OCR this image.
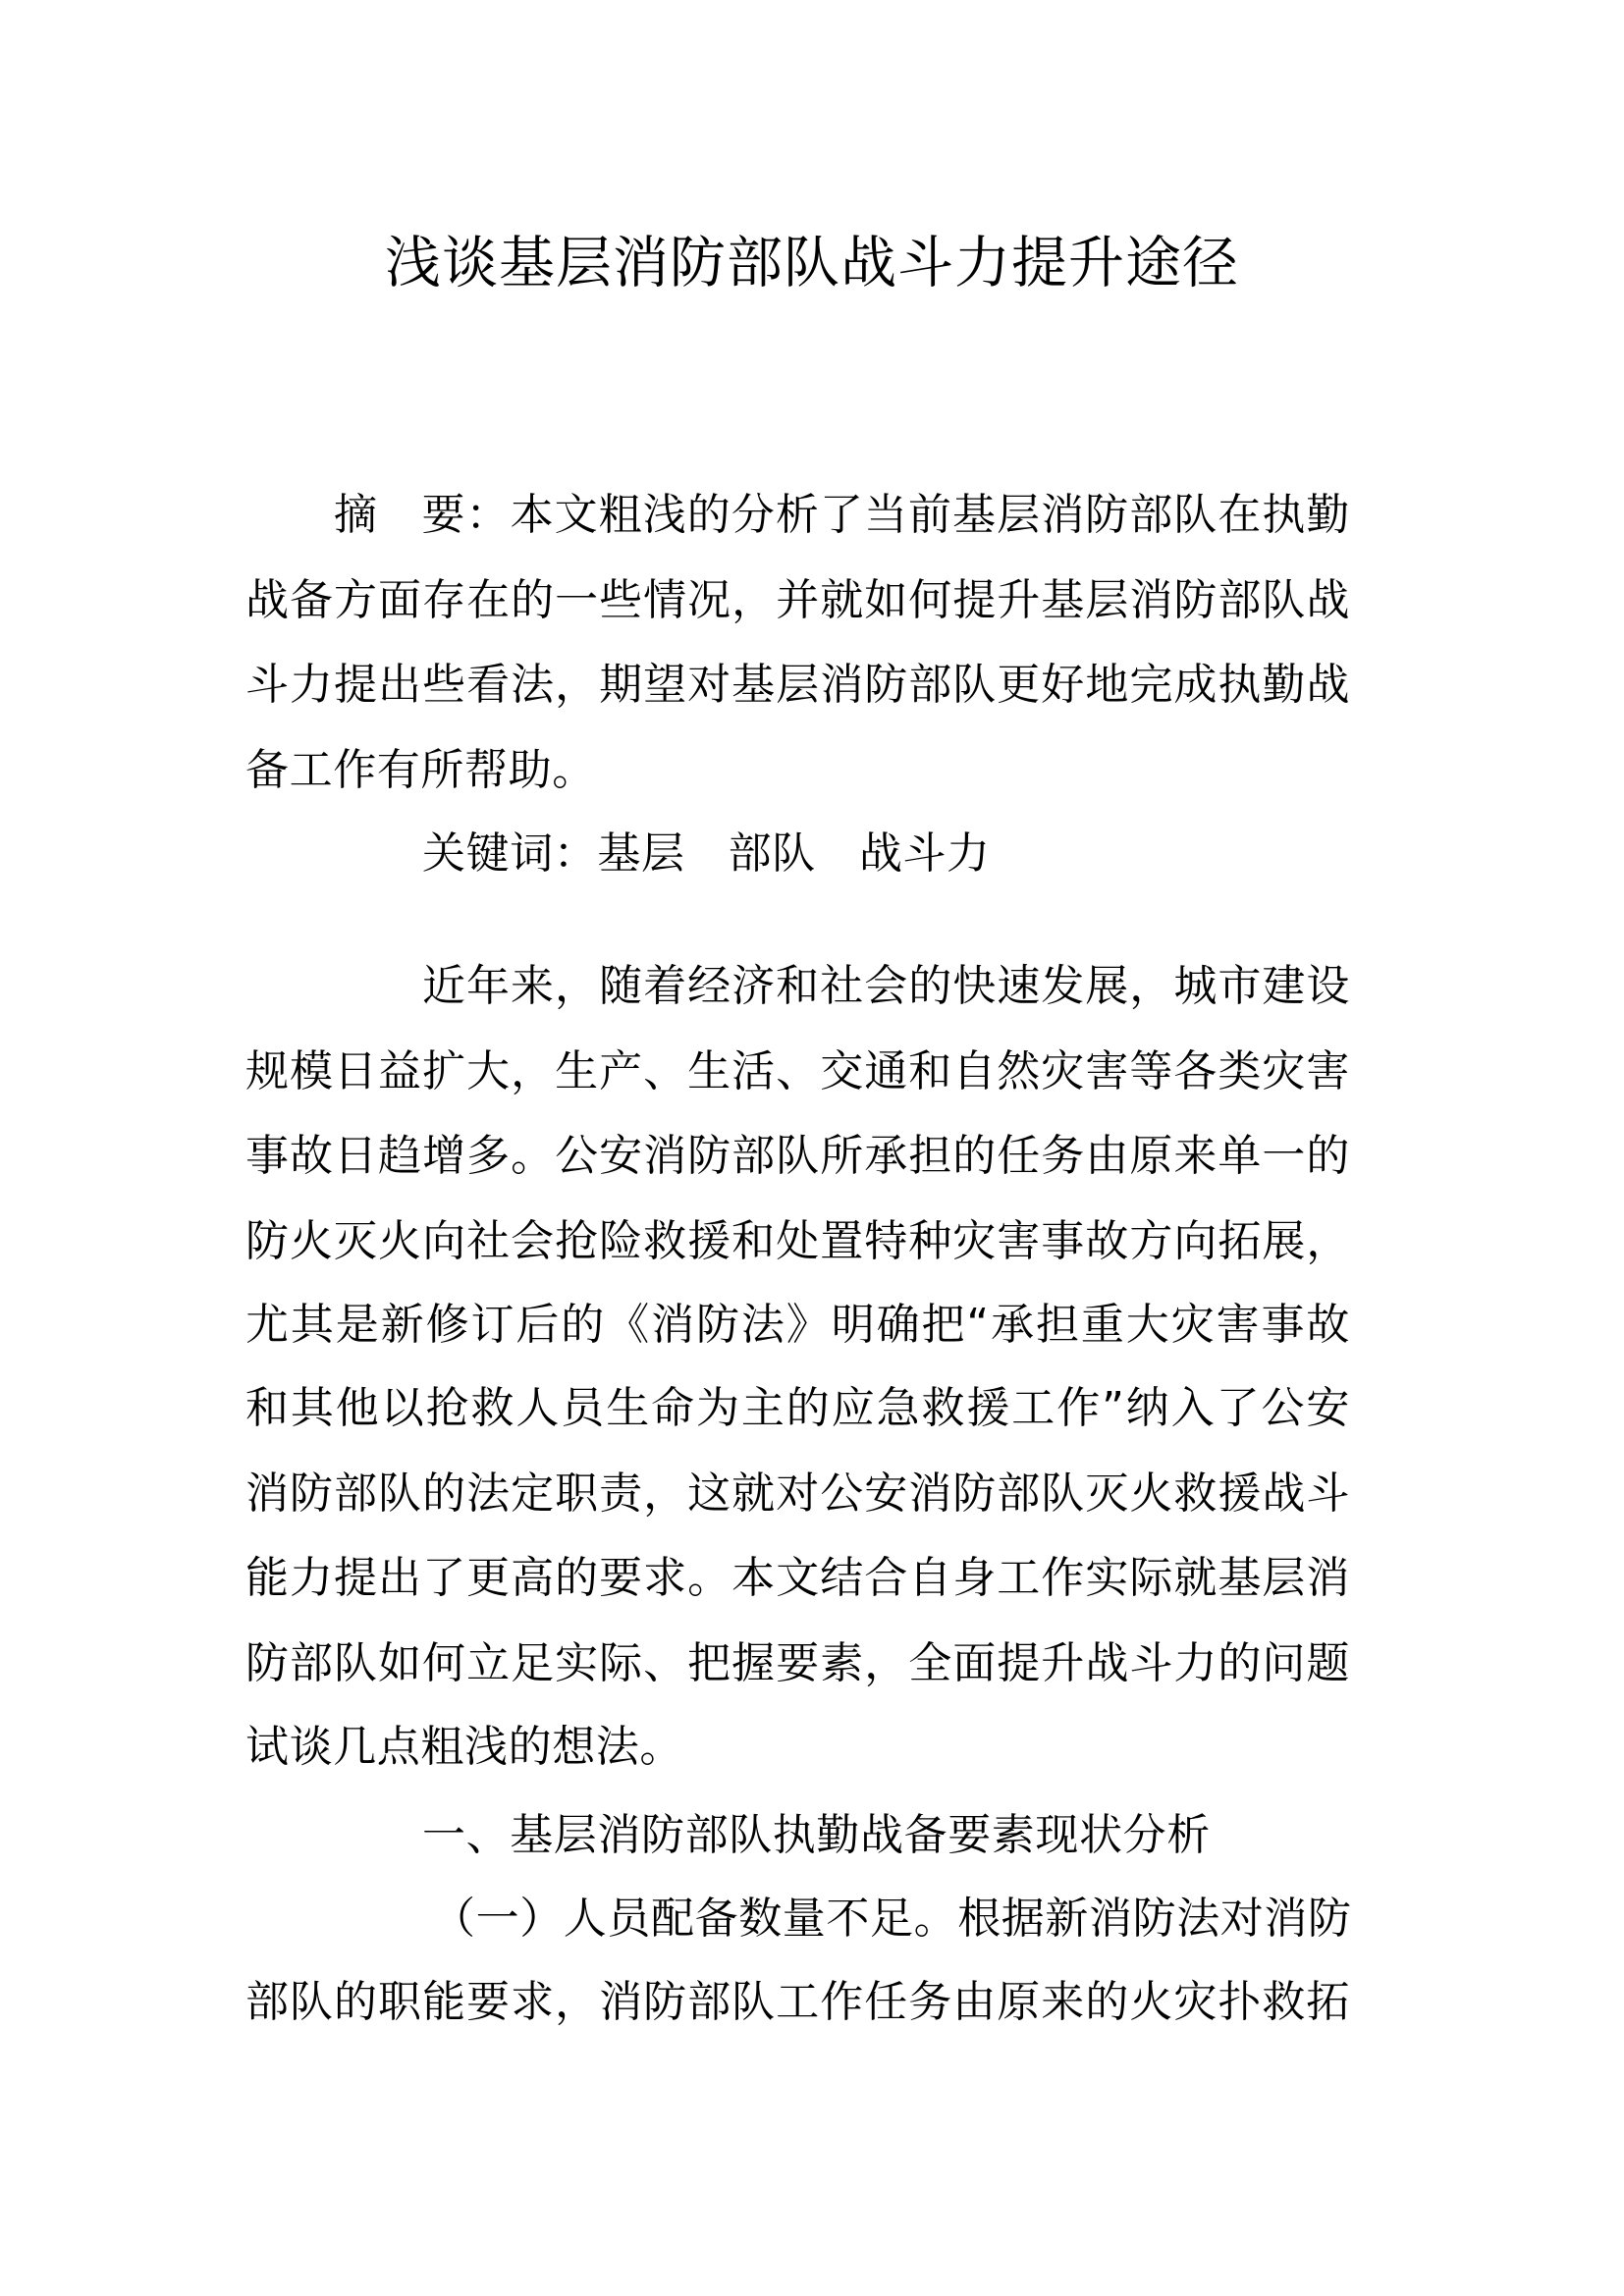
浅谈基层消防部队战斗力提升途径
摘 要：本文粗浅的分析了当前基层消防部队在执勤
战备方面存在的一些情况，并就如何提升基层消防部队战
斗力提出些看法，期望对基层消防部队更好地完成执勤战
备工作有所帮助。
关键词：基层 部队 战斗力
近年来，随着经济和社会的快速发展，城市建设
规模日益扩大，生产、生活、交通和自然灾害等各类灾害
事故日趋增多。公安消防部队所承担的任务由原来单一的
防火灭火向社会抢险救援和处置特种灾害事故方向拓展，
尤其是新修订后的《消防法》明确把“承担重大灾害事故
和其他以抢救人员生命为主的应急救援工作”纳入了公安
消防部队的法定职责，这就对公安消防部队灭火救援战斗
能力提出了更高的要求。本文结合自身工作实际就基层消
防部队如何立足实际、把握要素，全面提升战斗力的问题
试谈几点粗浅的想法。
一、基层消防部队执勤战备要素现状分析
（一）人员配备数量不足。根据新消防法对消防
部队的职能要求，消防部队工作任务由原来的火灾扑救拓
